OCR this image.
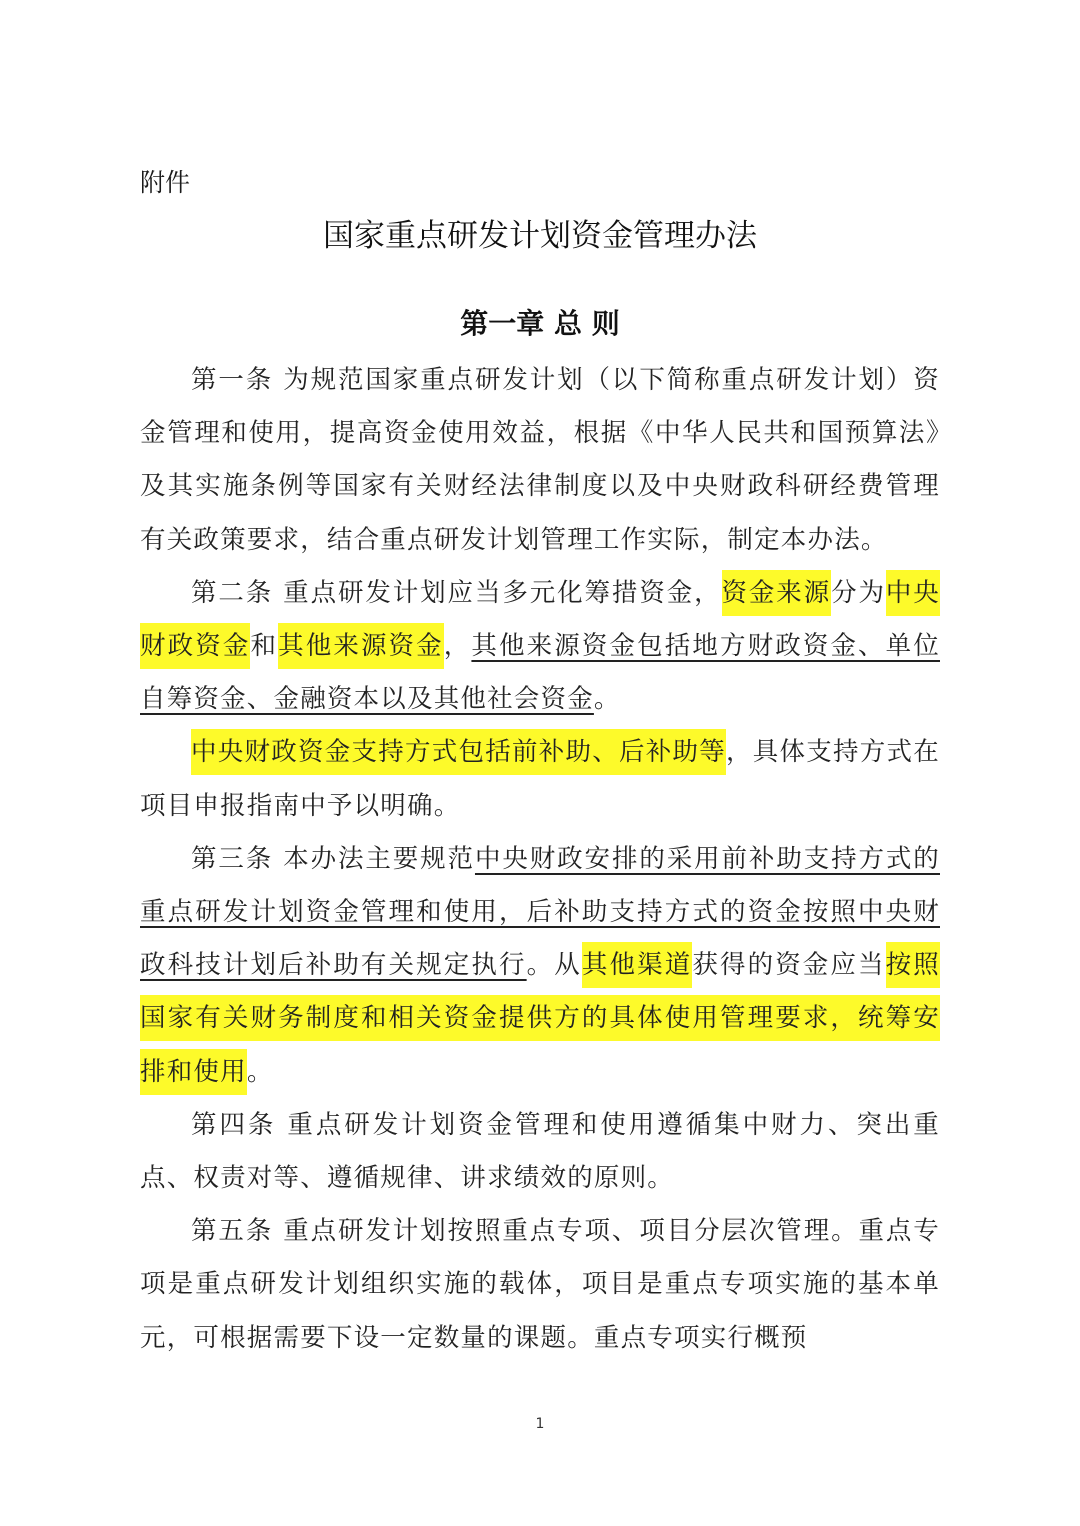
附件
国家重点研发计划资金管理办法
第一章 总 则

第一条 为规范国家重点研发计划（以下简称重点研发计划）资金管理和使用，提高资金使用效益，根据《中华人民共和国预算法》及其实施条例等国家有关财经法律制度以及中央财政科研经费管理有关政策要求，结合重点研发计划管理工作实际，制定本办法。

第二条 重点研发计划应当多元化筹措资金，资金来源分为中央财政资金和其他来源资金，其他来源资金包括地方财政资金、单位自筹资金、金融资本以及其他社会资金。

中央财政资金支持方式包括前补助、后补助等，具体支持方式在项目申报指南中予以明确。

第三条 本办法主要规范中央财政安排的采用前补助支持方式的重点研发计划资金管理和使用，后补助支持方式的资金按照中央财政科技计划后补助有关规定执行。从其他渠道获得的资金应当按照国家有关财务制度和相关资金提供方的具体使用管理要求，统筹安排和使用。

第四条 重点研发计划资金管理和使用遵循集中财力、突出重点、权责对等、遵循规律、讲求绩效的原则。

第五条 重点研发计划按照重点专项、项目分层次管理。重点专项是重点研发计划组织实施的载体，项目是重点专项实施的基本单元，可根据需要下设一定数量的课题。重点专项实行概预

1
